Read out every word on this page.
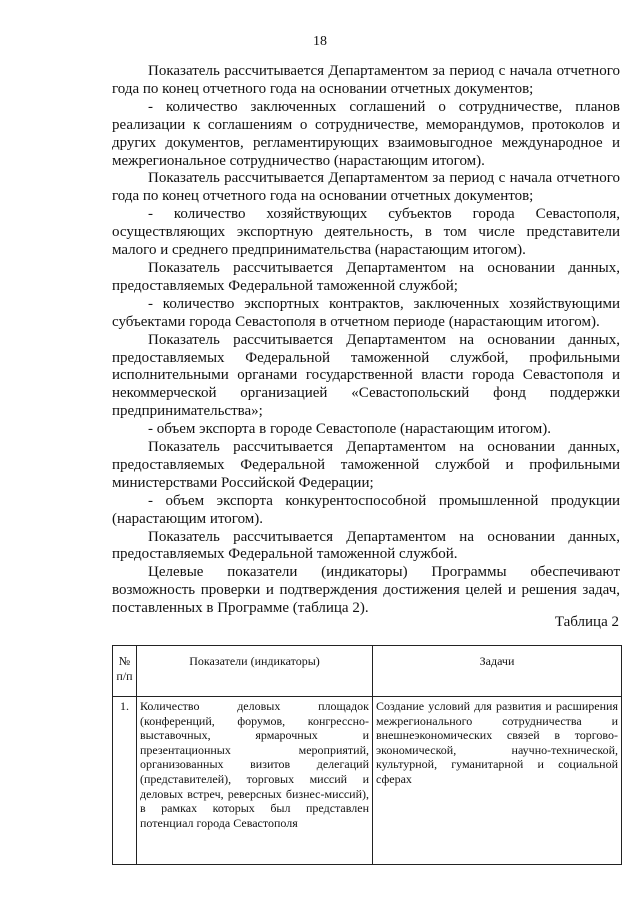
18

Показатель рассчитывается Департаментом за период с начала отчетного года по конец отчетного года на основании отчетных документов;

- количество заключенных соглашений о сотрудничестве, планов реализации к соглашениям о сотрудничестве, меморандумов, протоколов и других документов, регламентирующих взаимовыгодное международное и межрегиональное сотрудничество (нарастающим итогом).

Показатель рассчитывается Департаментом за период с начала отчетного года по конец отчетного года на основании отчетных документов;

- количество хозяйствующих субъектов города Севастополя, осуществляющих экспортную деятельность, в том числе представители малого и среднего предпринимательства (нарастающим итогом).

Показатель рассчитывается Департаментом на основании данных, предоставляемых Федеральной таможенной службой;

- количество экспортных контрактов, заключенных хозяйствующими субъектами города Севастополя в отчетном периоде (нарастающим итогом).

Показатель рассчитывается Департаментом на основании данных, предоставляемых Федеральной таможенной службой, профильными исполнительными органами государственной власти города Севастополя и некоммерческой организацией «Севастопольский фонд поддержки предпринимательства»;

- объем экспорта в городе Севастополе (нарастающим итогом).

Показатель рассчитывается Департаментом на основании данных, предоставляемых Федеральной таможенной службой и профильными министерствами Российской Федерации;

- объем экспорта конкурентоспособной промышленной продукции (нарастающим итогом).

Показатель рассчитывается Департаментом на основании данных, предоставляемых Федеральной таможенной службой.

Целевые показатели (индикаторы) Программы обеспечивают возможность проверки и подтверждения достижения целей и решения задач, поставленных в Программе (таблица 2).

Таблица 2
№ п/п	Показатели (индикаторы)	Задачи
1.	Количество деловых площадок (конференций, форумов, конгрессно-выставочных, ярмарочных и презентационных мероприятий, организованных визитов делегаций (представителей), торговых миссий и деловых встреч, реверсных бизнес-миссий), в рамках которых был представлен потенциал города Севастополя	Создание условий для развития и расширения межрегионального сотрудничества и внешнеэкономических связей в торгово-экономической, научно-технической, культурной, гуманитарной и социальной сферах
